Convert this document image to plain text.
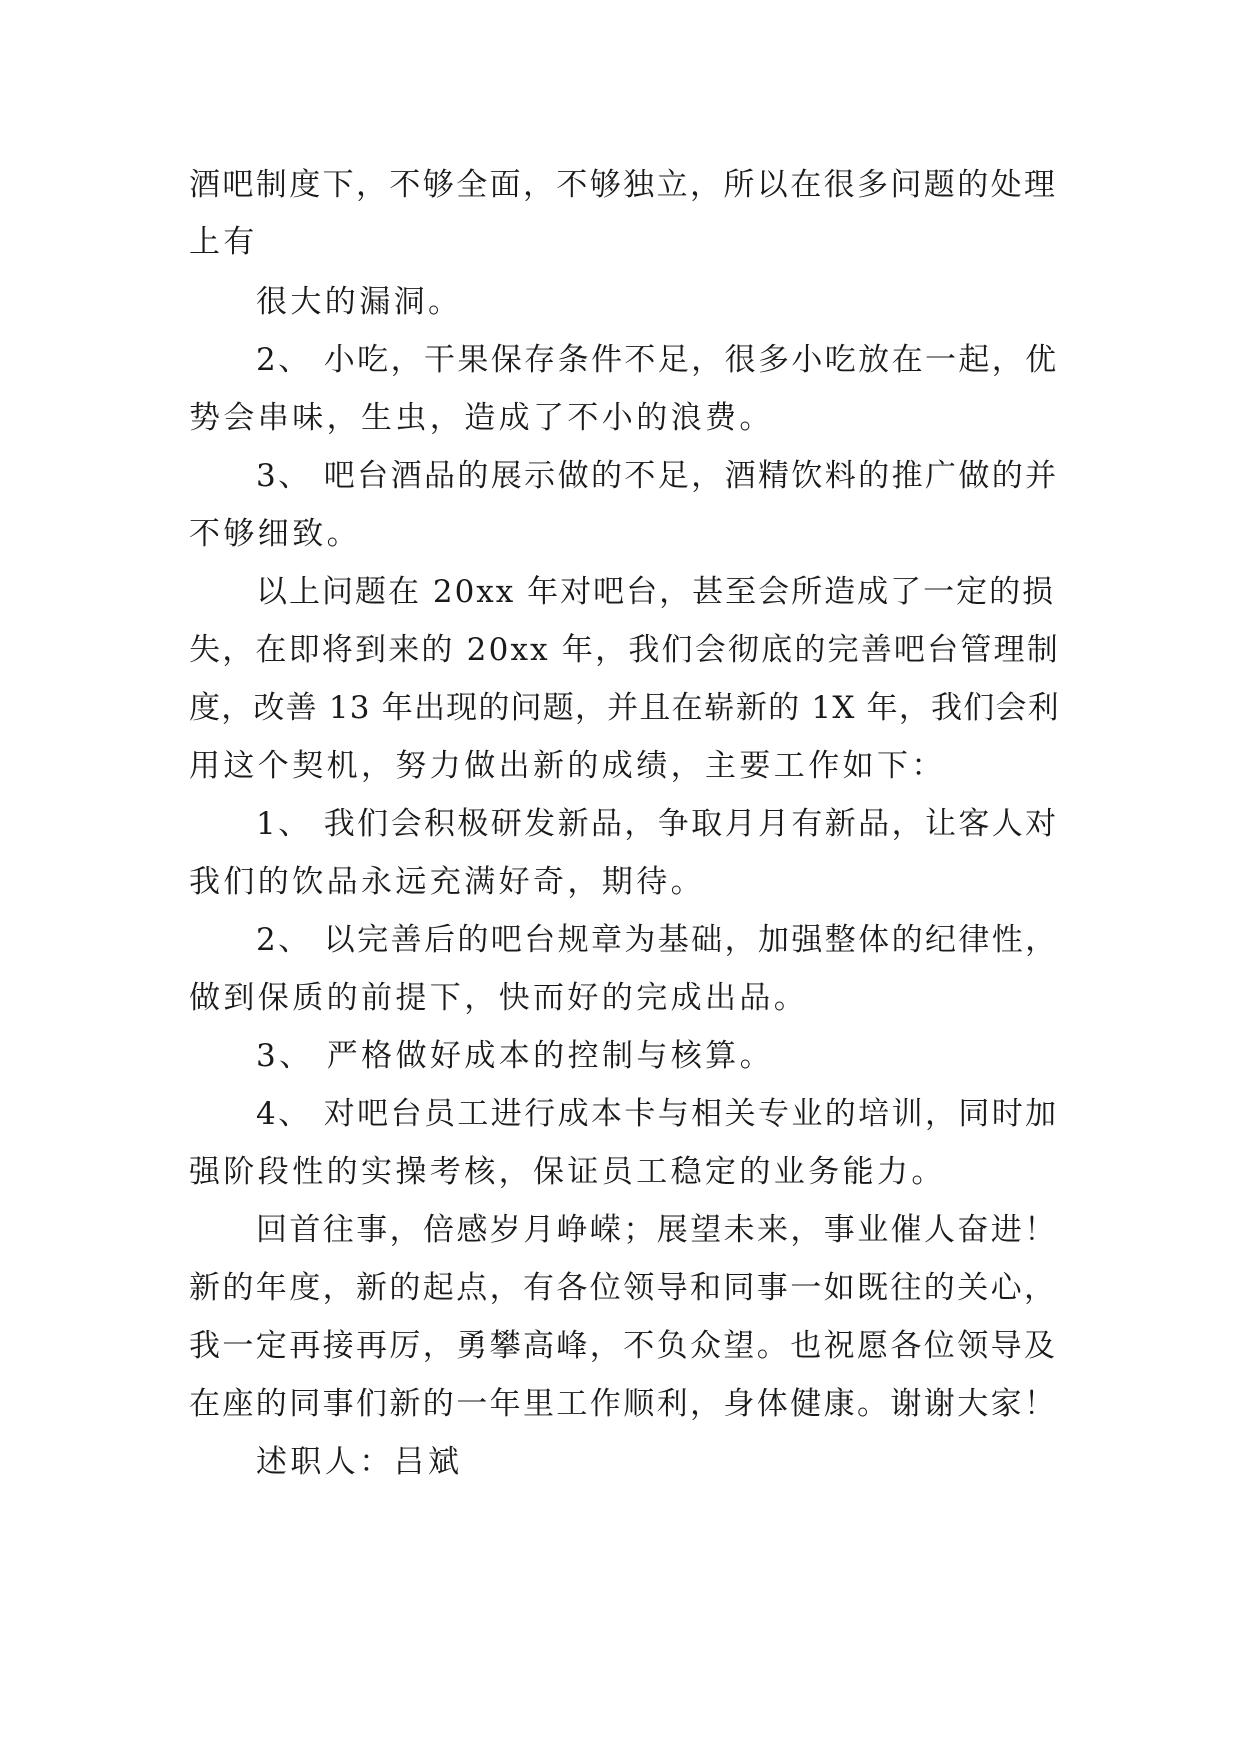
酒吧制度下，不够全面，不够独立，所以在很多问题的处理
上有
很大的漏洞。
2、 小吃，干果保存条件不足，很多小吃放在一起，优
势会串味，生虫，造成了不小的浪费。
3、 吧台酒品的展示做的不足，酒精饮料的推广做的并
不够细致。
以上问题在 20xx 年对吧台，甚至会所造成了一定的损
失，在即将到来的 20xx 年，我们会彻底的完善吧台管理制
度，改善 13 年出现的问题，并且在崭新的 1X 年，我们会利
用这个契机，努力做出新的成绩，主要工作如下：
1、 我们会积极研发新品，争取月月有新品，让客人对
我们的饮品永远充满好奇，期待。
2、 以完善后的吧台规章为基础，加强整体的纪律性，
做到保质的前提下，快而好的完成出品。
3、 严格做好成本的控制与核算。
4、 对吧台员工进行成本卡与相关专业的培训，同时加
强阶段性的实操考核，保证员工稳定的业务能力。
回首往事，倍感岁月峥嵘；展望未来，事业催人奋进！
新的年度，新的起点，有各位领导和同事一如既往的关心，
我一定再接再厉，勇攀高峰，不负众望。也祝愿各位领导及
在座的同事们新的一年里工作顺利，身体健康。谢谢大家！
述职人：吕斌
